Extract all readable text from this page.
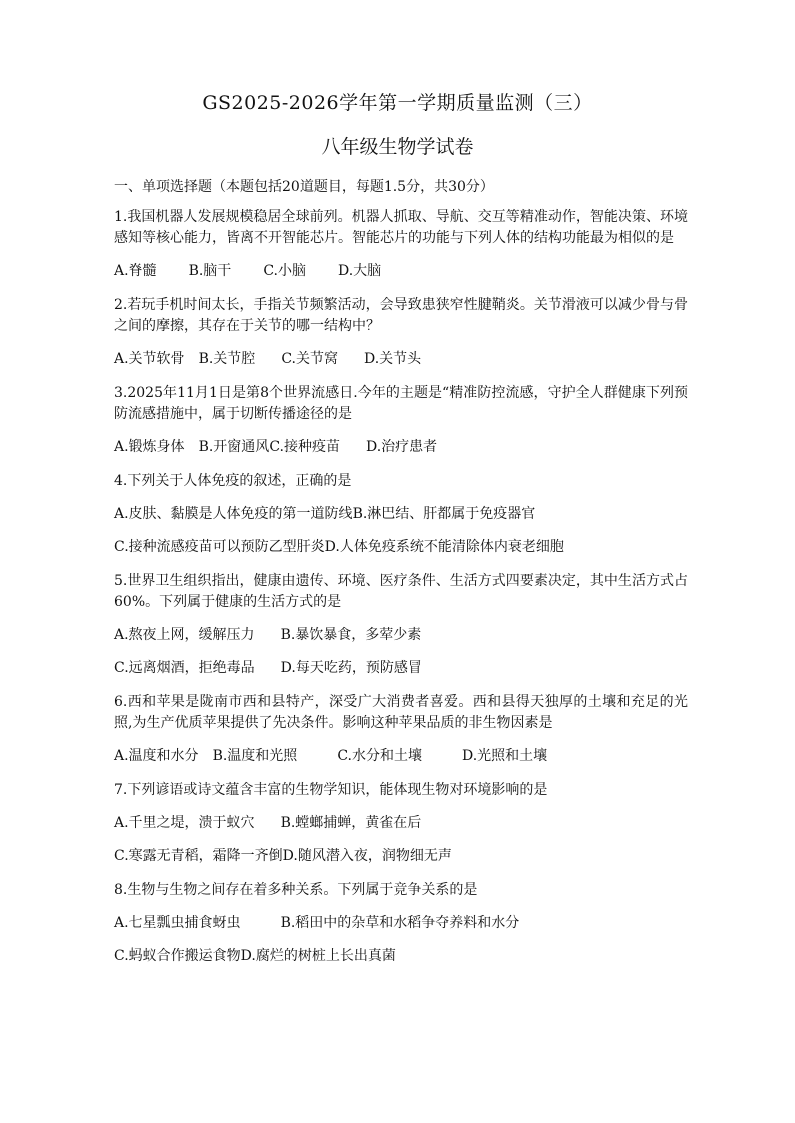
GS2025-2026学年第一学期质量监测（三）
八年级生物学试卷
一、单项选择题（本题包括20道题目，每题1.5分，共30分）

1.我国机器人发展规模稳居全球前列。机器人抓取、导航、交互等精准动作，智能决策、环境感知等核心能力，皆离不开智能芯片。智能芯片的功能与下列人体的结构功能最为相似的是

A.脊髓 B.脑干 C.小脑 D.大脑

2.若玩手机时间太长，手指关节频繁活动，会导致患狭窄性腱鞘炎。关节滑液可以减少骨与骨之间的摩擦，其存在于关节的哪一结构中？

A.关节软骨 B.关节腔 C.关节窝 D.关节头

3.2025年11月1日是第8个世界流感日.今年的主题是“精准防控流感，守护全人群健康下列预防流感措施中，属于切断传播途径的是

A.锻炼身体 B.开窗通风C.接种疫苗 D.治疗患者

4.下列关于人体免疫的叙述，正确的是

A.皮肤、黏膜是人体免疫的第一道防线B.淋巴结、肝都属于免疫器官
C.接种流感疫苗可以预防乙型肝炎D.人体免疫系统不能清除体内衰老细胞

5.世界卫生组织指出，健康由遗传、环境、医疗条件、生活方式四要素决定，其中生活方式占60%。下列属于健康的生活方式的是

A.熬夜上网，缓解压力 B.暴饮暴食，多荤少素
C.远离烟酒，拒绝毒品 D.每天吃药，预防感冒

6.西和苹果是陇南市西和县特产，深受广大消费者喜爱。西和县得天独厚的土壤和充足的光照,为生产优质苹果提供了先决条件。影响这种苹果品质的非生物因素是

A.温度和水分 B.温度和光照	C.水分和土壤	D.光照和土壤

7.下列谚语或诗文蕴含丰富的生物学知识，能体现生物对环境影响的是

A.千里之堤，溃于蚁穴 B.螳螂捕蝉，黄雀在后
C.寒露无青稻，霜降一齐倒D.随风潜入夜，润物细无声

8.生物与生物之间存在着多种关系。下列属于竞争关系的是

A.七星瓢虫捕食蚜虫	B.稻田中的杂草和水稻争夺养料和水分
C.蚂蚁合作搬运食物D.腐烂的树桩上长出真菌
